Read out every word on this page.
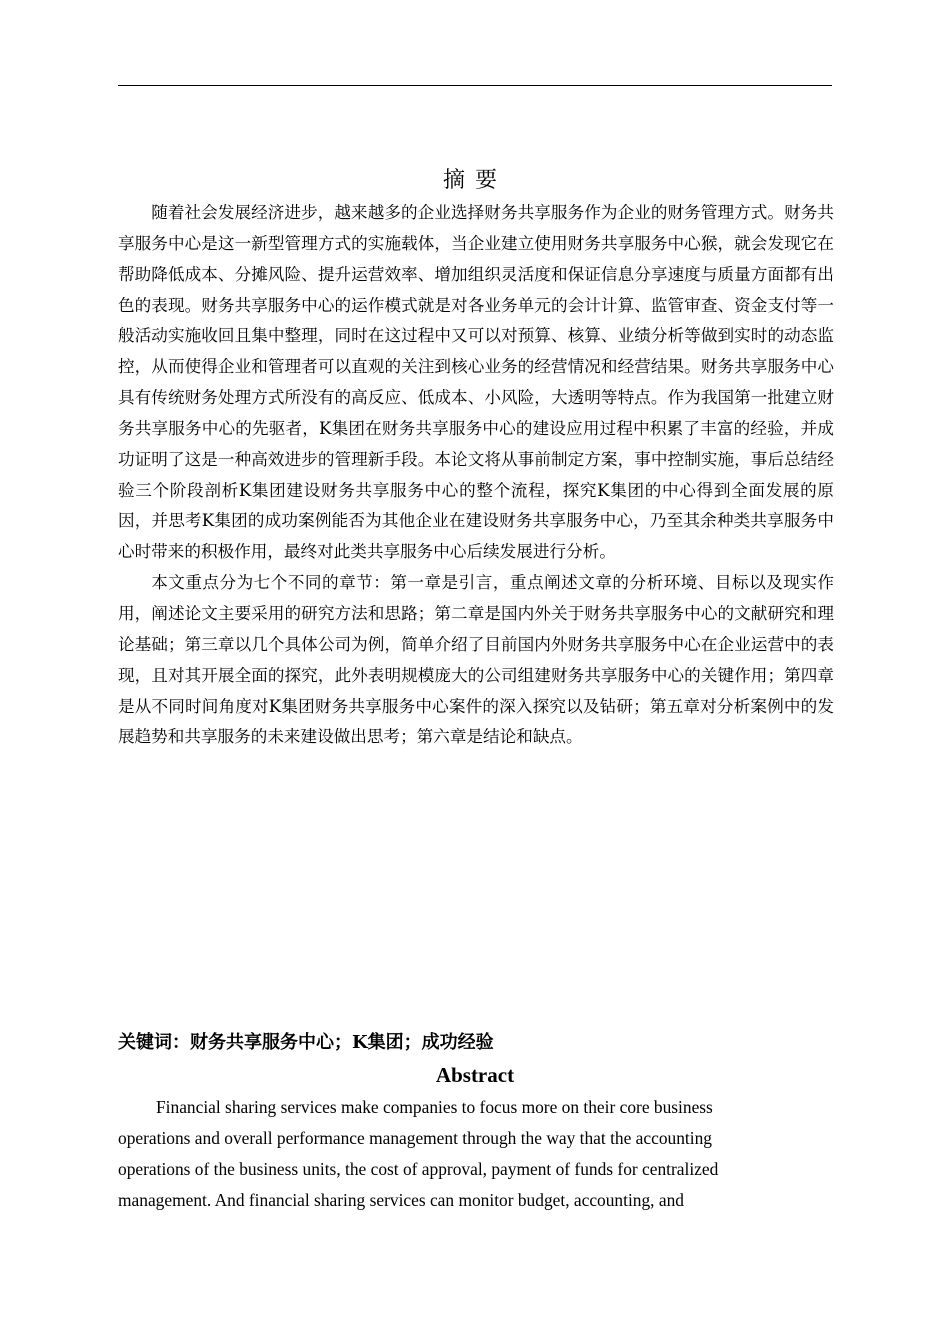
摘要

随着社会发展经济进步，越来越多的企业选择财务共享服务作为企业的财务管理方式。财务共享服务中心是这一新型管理方式的实施载体，当企业建立使用财务共享服务中心猴，就会发现它在帮助降低成本、分摊风险、提升运营效率、增加组织灵活度和保证信息分享速度与质量方面都有出色的表现。财务共享服务中心的运作模式就是对各业务单元的会计计算、监管审查、资金支付等一般活动实施收回且集中整理，同时在这过程中又可以对预算、核算、业绩分析等做到实时的动态监控，从而使得企业和管理者可以直观的关注到核心业务的经营情况和经营结果。财务共享服务中心具有传统财务处理方式所没有的高反应、低成本、小风险，大透明等特点。作为我国第一批建立财务共享服务中心的先驱者，K集团在财务共享服务中心的建设应用过程中积累了丰富的经验，并成功证明了这是一种高效进步的管理新手段。本论文将从事前制定方案，事中控制实施，事后总结经验三个阶段剖析K集团建设财务共享服务中心的整个流程，探究K集团的中心得到全面发展的原因，并思考K集团的成功案例能否为其他企业在建设财务共享服务中心，乃至其余种类共享服务中心时带来的积极作用，最终对此类共享服务中心后续发展进行分析。

本文重点分为七个不同的章节：第一章是引言，重点阐述文章的分析环境、目标以及现实作用，阐述论文主要采用的研究方法和思路；第二章是国内外关于财务共享服务中心的文献研究和理论基础；第三章以几个具体公司为例，简单介绍了目前国内外财务共享服务中心在企业运营中的表现，且对其开展全面的探究，此外表明规模庞大的公司组建财务共享服务中心的关键作用；第四章是从不同时间角度对K集团财务共享服务中心案件的深入探究以及钻研；第五章对分析案例中的发展趋势和共享服务的未来建设做出思考；第六章是结论和缺点。

关键词：财务共享服务中心；K集团；成功经验
Abstract
Financial sharing services make companies to focus more on their core business
operations and overall performance management through the way that the accounting
operations of the business units, the cost of approval, payment of funds for centralized
management. And financial sharing services can monitor budget, accounting, and
